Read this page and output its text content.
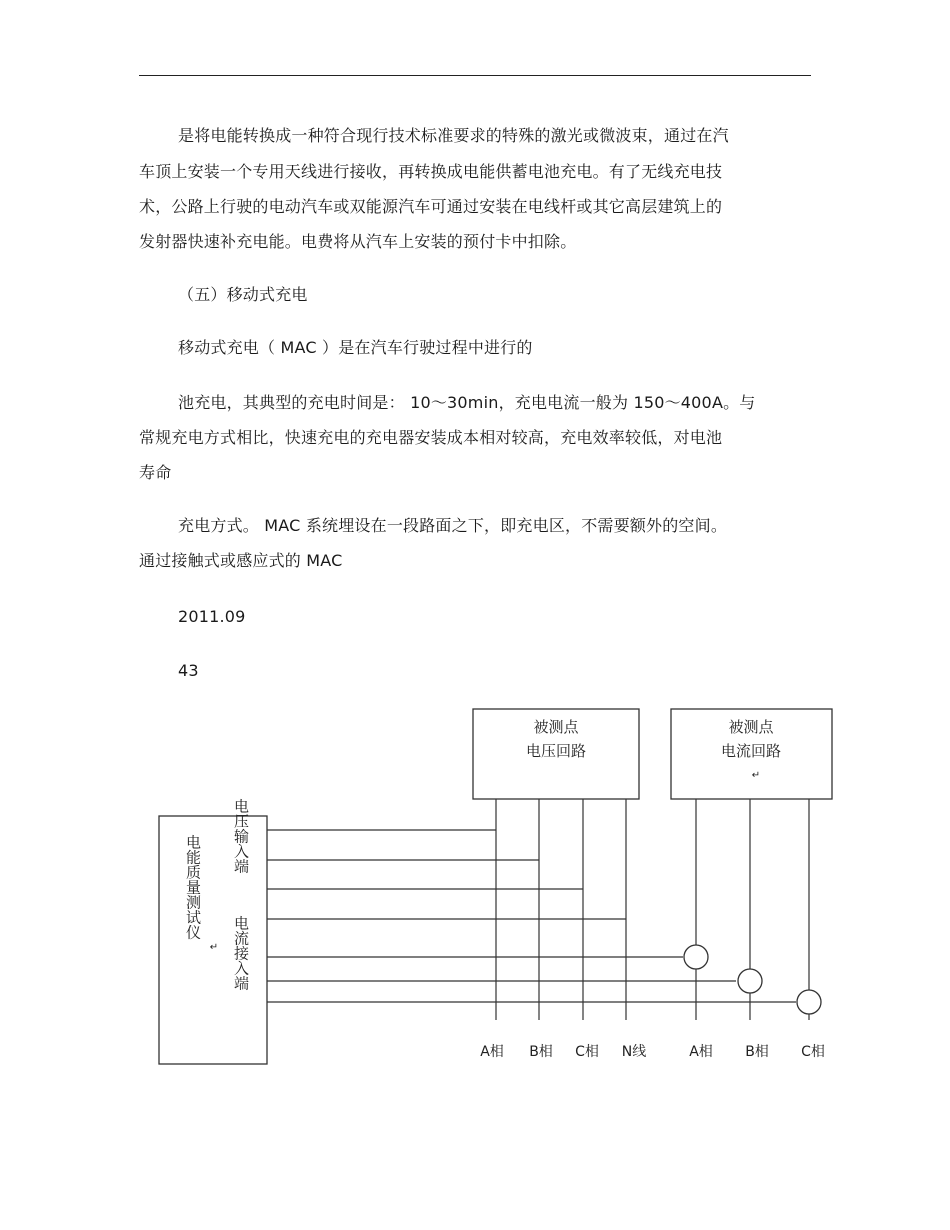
是将电能转换成一种符合现行技术标准要求的特殊的激光或微波束，通过在汽
车顶上安装一个专用天线进行接收，再转换成电能供蓄电池充电。有了无线充电技
术，公路上行驶的电动汽车或双能源汽车可通过安装在电线杆或其它高层建筑上的
发射器快速补充电能。电费将从汽车上安装的预付卡中扣除。
（五）移动式充电
移动式充电（ MAC ）是在汽车行驶过程中进行的
池充电，其典型的充电时间是： 10～30min，充电电流一般为 150～400A。与
常规充电方式相比，快速充电的充电器安装成本相对较高，充电效率较低，对电池
寿命
充电方式。 MAC 系统埋设在一段路面之下，即充电区，不需要额外的空间。
通过接触式或感应式的 MAC
2011.09
43
被测点
电压回路
被测点
电流回路
↵
电能质量测试仪 电压输入端
电流接入端
↵
A相 B相 C相 N线	A相 B相 C相
